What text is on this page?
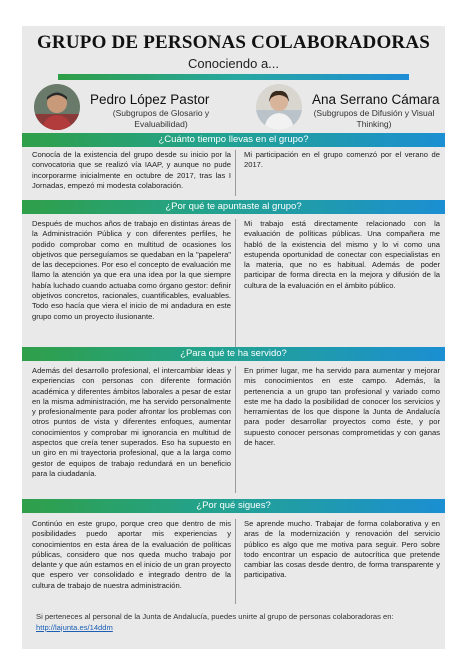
GRUPO DE PERSONAS COLABORADORAS
Conociendo a...
Pedro López Pastor
(Subgrupos de Glosario y Evaluabilidad)
Ana Serrano Cámara
(Subgrupos de Difusión y Visual Thinking)
¿Cuánto tiempo llevas en el grupo?
Conocía de la existencia del grupo desde su inicio por la convocatoria que se realizó vía IAAP, y aunque no pude incorporarme inicialmente en octubre de 2017, tras las I Jornadas, empezó mi modesta colaboración.
Mi participación en el grupo comenzó por el verano de 2017.
¿Por qué te apuntaste al grupo?
Después de muchos años de trabajo en distintas áreas de la Administración Pública y con diferentes perfiles, he podido comprobar como en multitud de ocasiones los objetivos que perseguíamos se quedaban en la "papelera" de las decepciones. Por eso el concepto de evaluación me llamo la atención ya que era una idea por la que siempre había luchado cuando actuaba como órgano gestor: definir objetivos concretos, racionales, cuantificables, evaluables. Todo eso hacía que viera el inicio de mi andadura en este grupo como un proyecto ilusionante.
Mi trabajo está directamente relacionado con la evaluación de políticas públicas. Una compañera me habló de la existencia del mismo y lo vi como una estupenda oportunidad de conectar con especialistas en la materia, que no es habitual. Además de poder participar de forma directa en la mejora y difusión de la cultura de la evaluación en el ámbito público.
¿Para qué te ha servido?
Además del desarrollo profesional, el intercambiar ideas y experiencias con personas con diferente formación académica y diferentes ámbitos laborales a pesar de estar en la misma administración, me ha servido personalmente y profesionalmente para poder afrontar los problemas con otros puntos de vista y diferentes enfoques, aumentar conocimientos y comprobar mi ignorancia en multitud de aspectos que creía tener superados. Eso ha supuesto en un giro en mi trayectoria profesional, que a la larga como gestor de equipos de trabajo redundará en un beneficio para la ciudadanía.
En primer lugar, me ha servido para aumentar y mejorar mis conocimientos en este campo. Además, la pertenencia a un grupo tan profesional y variado como este me ha dado la posibilidad de conocer los servicios y herramientas de los que dispone la Junta de Andalucía para poder desarrollar proyectos como éste, y por supuesto conocer personas comprometidas y con ganas de hacer.
¿Por qué sigues?
Continúo en este grupo, porque creo que dentro de mis posibilidades puedo aportar mis experiencias y conocimientos en esta área de la evaluación de políticas públicas, considero que nos queda mucho trabajo por delante y que aún estamos en el inicio de un gran proyecto que espero ver consolidado e integrado dentro de la cultura de trabajo de nuestra administración.
Se aprende mucho. Trabajar de forma colaborativa y en aras de la modernización y renovación del servicio público es algo que me motiva para seguir. Pero sobre todo encontrar un espacio de autocrítica que pretende cambiar las cosas desde dentro, de forma transparente y participativa.
Si perteneces al personal de la Junta de Andalucía, puedes unirte al grupo de personas colaboradoras en:
http://lajunta.es/14ddm
